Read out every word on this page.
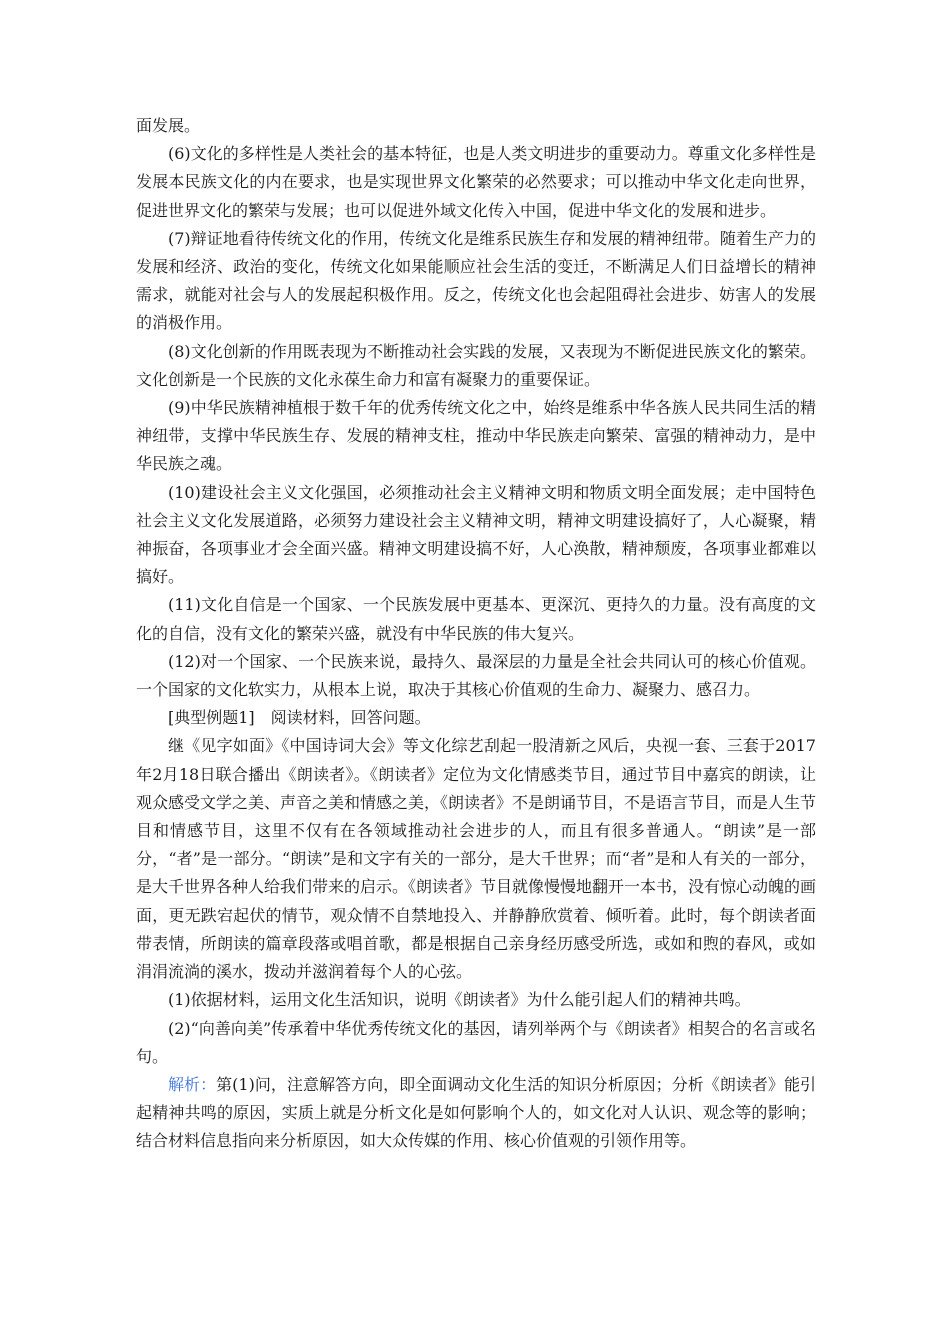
面发展。

(6)文化的多样性是人类社会的基本特征，也是人类文明进步的重要动力。尊重文化多样性是发展本民族文化的内在要求，也是实现世界文化繁荣的必然要求；可以推动中华文化走向世界，促进世界文化的繁荣与发展；也可以促进外域文化传入中国，促进中华文化的发展和进步。

(7)辩证地看待传统文化的作用，传统文化是维系民族生存和发展的精神纽带。随着生产力的发展和经济、政治的变化，传统文化如果能顺应社会生活的变迁，不断满足人们日益增长的精神需求，就能对社会与人的发展起积极作用。反之，传统文化也会起阻碍社会进步、妨害人的发展的消极作用。

(8)文化创新的作用既表现为不断推动社会实践的发展，又表现为不断促进民族文化的繁荣。文化创新是一个民族的文化永葆生命力和富有凝聚力的重要保证。

(9)中华民族精神植根于数千年的优秀传统文化之中，始终是维系中华各族人民共同生活的精神纽带，支撑中华民族生存、发展的精神支柱，推动中华民族走向繁荣、富强的精神动力，是中华民族之魂。

(10)建设社会主义文化强国，必须推动社会主义精神文明和物质文明全面发展；走中国特色社会主义文化发展道路，必须努力建设社会主义精神文明，精神文明建设搞好了，人心凝聚，精神振奋，各项事业才会全面兴盛。精神文明建设搞不好，人心涣散，精神颓废，各项事业都难以搞好。

(11)文化自信是一个国家、一个民族发展中更基本、更深沉、更持久的力量。没有高度的文化的自信，没有文化的繁荣兴盛，就没有中华民族的伟大复兴。

(12)对一个国家、一个民族来说，最持久、最深层的力量是全社会共同认可的核心价值观。一个国家的文化软实力，从根本上说，取决于其核心价值观的生命力、凝聚力、感召力。

[典型例题1]　阅读材料，回答问题。

继《见字如面》《中国诗词大会》等文化综艺刮起一股清新之风后，央视一套、三套于2017年2月18日联合播出《朗读者》。《朗读者》定位为文化情感类节目，通过节目中嘉宾的朗读，让观众感受文学之美、声音之美和情感之美，《朗读者》不是朗诵节目，不是语言节目，而是人生节目和情感节目，这里不仅有在各领域推动社会进步的人，而且有很多普通人。“朗读”是一部分，“者”是一部分。“朗读”是和文字有关的一部分，是大千世界；而“者”是和人有关的一部分，是大千世界各种人给我们带来的启示。《朗读者》节目就像慢慢地翻开一本书，没有惊心动魄的画面，更无跌宕起伏的情节，观众情不自禁地投入、并静静欣赏着、倾听着。此时，每个朗读者面带表情，所朗读的篇章段落或唱首歌，都是根据自己亲身经历感受所选，或如和煦的春风，或如涓涓流淌的溪水，拨动并滋润着每个人的心弦。

(1)依据材料，运用文化生活知识，说明《朗读者》为什么能引起人们的精神共鸣。

(2)“向善向美”传承着中华优秀传统文化的基因，请列举两个与《朗读者》相契合的名言或名句。

解析：第(1)问，注意解答方向，即全面调动文化生活的知识分析原因；分析《朗读者》能引起精神共鸣的原因，实质上就是分析文化是如何影响个人的，如文化对人认识、观念等的影响；结合材料信息指向来分析原因，如大众传媒的作用、核心价值观的引领作用等。
